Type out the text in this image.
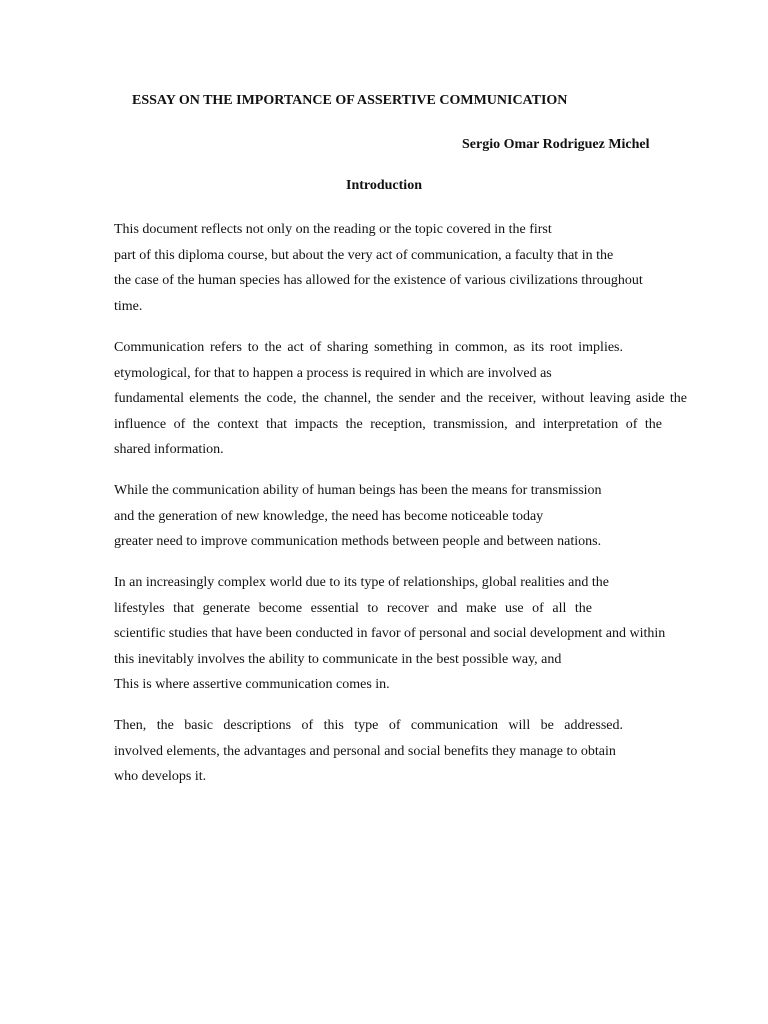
ESSAY ON THE IMPORTANCE OF ASSERTIVE COMMUNICATION
Sergio Omar Rodriguez Michel
Introduction

This document reflects not only on the reading or the topic covered in the first
part of this diploma course, but about the very act of communication, a faculty that in the
the case of the human species has allowed for the existence of various civilizations throughout
time.

Communication refers to the act of sharing something in common, as its root implies.
etymological, for that to happen a process is required in which are involved as
fundamental elements the code, the channel, the sender and the receiver, without leaving aside the
influence of the context that impacts the reception, transmission, and interpretation of the
shared information.

While the communication ability of human beings has been the means for transmission
and the generation of new knowledge, the need has become noticeable today
greater need to improve communication methods between people and between nations.

In an increasingly complex world due to its type of relationships, global realities and the
lifestyles that generate become essential to recover and make use of all the
scientific studies that have been conducted in favor of personal and social development and within
this inevitably involves the ability to communicate in the best possible way, and
This is where assertive communication comes in.

Then, the basic descriptions of this type of communication will be addressed.
involved elements, the advantages and personal and social benefits they manage to obtain
who develops it.
